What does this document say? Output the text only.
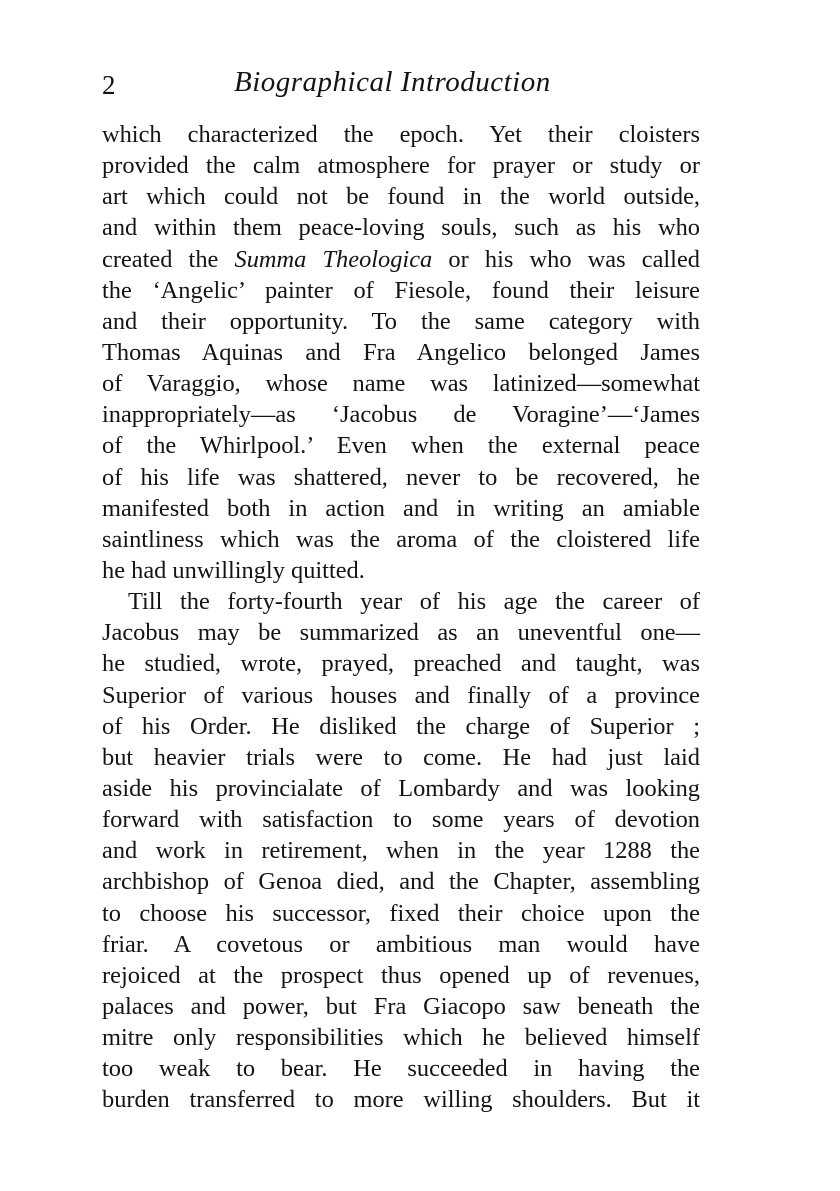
2	Biographical Introduction
which characterized the epoch. Yet their cloisters
provided the calm atmosphere for prayer or study or
art which could not be found in the world outside,
and within them peace-loving souls, such as his who
created the Summa Theologica or his who was called
the ‘Angelic’ painter of Fiesole, found their leisure
and their opportunity. To the same category with
Thomas Aquinas and Fra Angelico belonged James
of Varaggio, whose name was latinized—somewhat
inappropriately—as ‘Jacobus de Voragine’—‘James
of the Whirlpool.’ Even when the external peace
of his life was shattered, never to be recovered, he
manifested both in action and in writing an amiable
saintliness which was the aroma of the cloistered life
he had unwillingly quitted.
Till the forty-fourth year of his age the career of
Jacobus may be summarized as an uneventful one—
he studied, wrote, prayed, preached and taught, was
Superior of various houses and finally of a province
of his Order. He disliked the charge of Superior ;
but heavier trials were to come. He had just laid
aside his provincialate of Lombardy and was looking
forward with satisfaction to some years of devotion
and work in retirement, when in the year 1288 the
archbishop of Genoa died, and the Chapter, assembling
to choose his successor, fixed their choice upon the
friar. A covetous or ambitious man would have
rejoiced at the prospect thus opened up of revenues,
palaces and power, but Fra Giacopo saw beneath the
mitre only responsibilities which he believed himself
too weak to bear. He succeeded in having the
burden transferred to more willing shoulders. But it
